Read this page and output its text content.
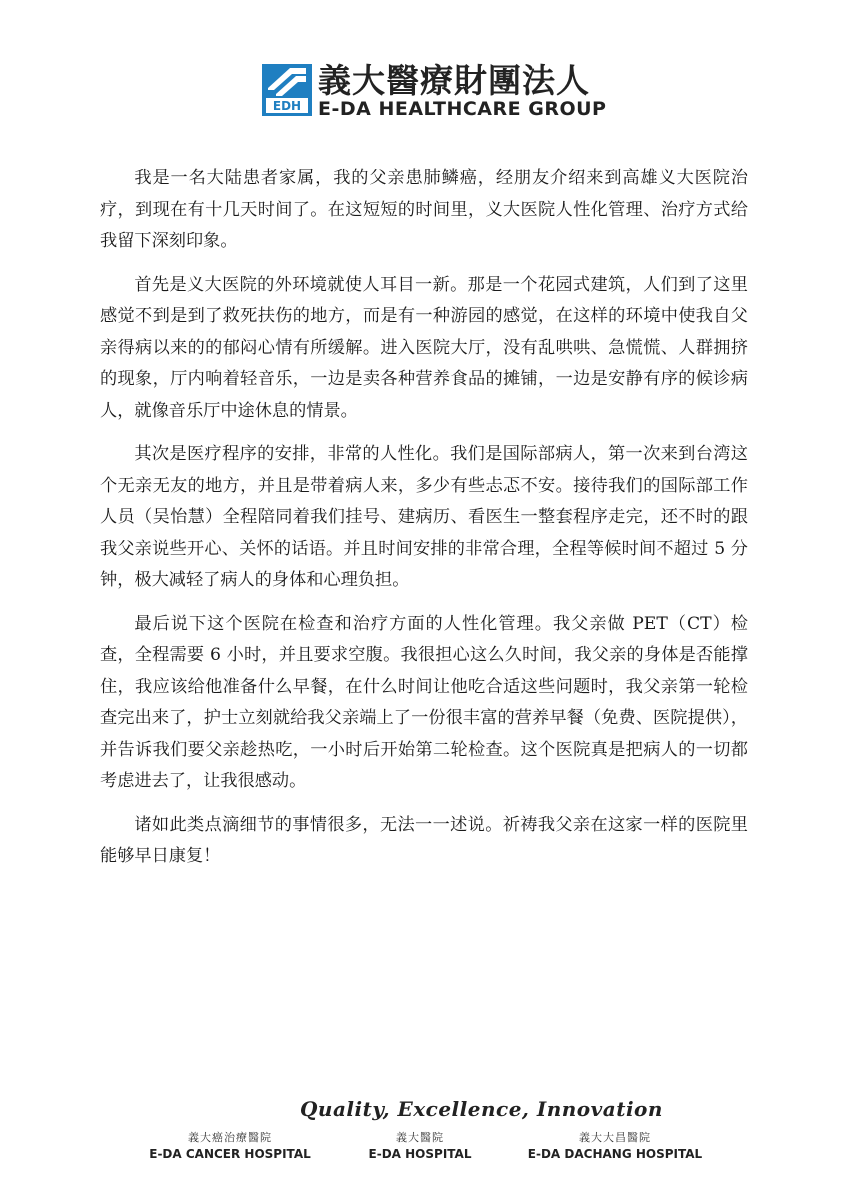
EDH
義大醫療財團法人
E-DA HEALTHCARE GROUP

我是一名大陆患者家属，我的父亲患肺鳞癌，经朋友介绍来到高雄义大医院治疗，到现在有十几天时间了。在这短短的时间里，义大医院人性化管理、治疗方式给我留下深刻印象。

首先是义大医院的外环境就使人耳目一新。那是一个花园式建筑，人们到了这里感觉不到是到了救死扶伤的地方，而是有一种游园的感觉，在这样的环境中使我自父亲得病以来的的郁闷心情有所缓解。进入医院大厅，没有乱哄哄、急慌慌、人群拥挤的现象，厅内响着轻音乐，一边是卖各种营养食品的摊铺，一边是安静有序的候诊病人，就像音乐厅中途休息的情景。

其次是医疗程序的安排，非常的人性化。我们是国际部病人，第一次来到台湾这个无亲无友的地方，并且是带着病人来，多少有些忐忑不安。接待我们的国际部工作人员（吴怡慧）全程陪同着我们挂号、建病历、看医生一整套程序走完，还不时的跟我父亲说些开心、关怀的话语。并且时间安排的非常合理，全程等候时间不超过 5 分钟，极大减轻了病人的身体和心理负担。

最后说下这个医院在检查和治疗方面的人性化管理。我父亲做 PET（CT）检查，全程需要 6 小时，并且要求空腹。我很担心这么久时间，我父亲的身体是否能撑住，我应该给他准备什么早餐，在什么时间让他吃合适这些问题时，我父亲第一轮检查完出来了，护士立刻就给我父亲端上了一份很丰富的营养早餐（免费、医院提供），并告诉我们要父亲趁热吃，一小时后开始第二轮检查。这个医院真是把病人的一切都考虑进去了，让我很感动。

诸如此类点滴细节的事情很多，无法一一述说。祈祷我父亲在这家一样的医院里能够早日康复！

Quality, Excellence, Innovation
義大癌治療醫院
E-DA CANCER HOSPITAL
義大醫院
E-DA HOSPITAL
義大大昌醫院
E-DA DACHANG HOSPITAL
